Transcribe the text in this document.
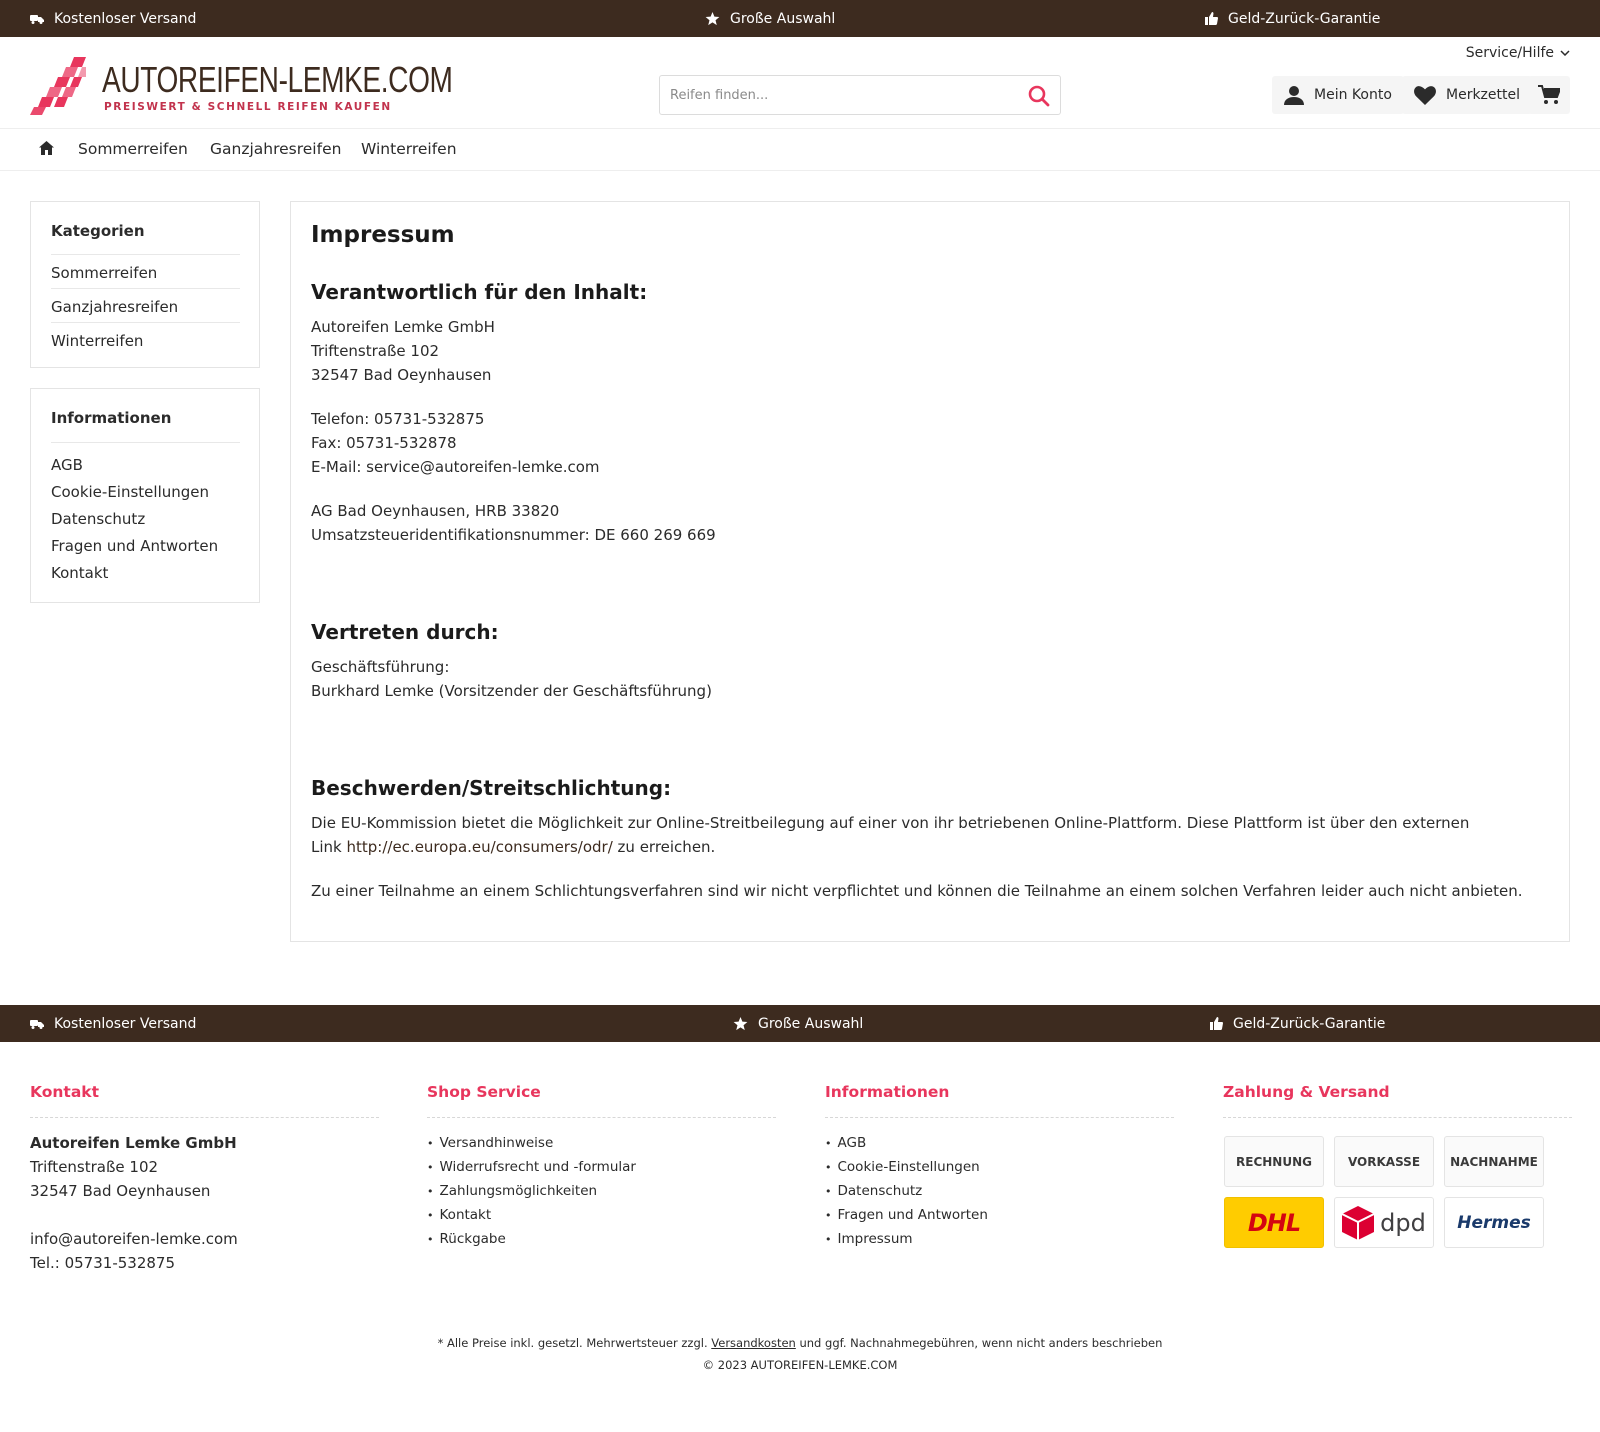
Kostenloser Versand	Große Auswahl	Geld-Zurück-Garantie
Service/Hilfe
AUTOREIFEN-LEMKE.COM
PREISWERT & SCHNELL REIFEN KAUFEN
Reifen finden...
Mein Konto	Merkzettel
Sommerreifen Ganzjahresreifen Winterreifen
Kategorien
Sommerreifen
Ganzjahresreifen
Winterreifen
Informationen
AGB
Cookie-Einstellungen
Datenschutz
Fragen und Antworten
Kontakt
Impressum
Verantwortlich für den Inhalt:
Autoreifen Lemke GmbH
Triftenstraße 102
32547 Bad Oeynhausen
Telefon: 05731-532875
Fax: 05731-532878
E-Mail: service@autoreifen-lemke.com
AG Bad Oeynhausen, HRB 33820
Umsatzsteueridentifikationsnummer: DE 660 269 669
Vertreten durch:
Geschäftsführung:
Burkhard Lemke (Vorsitzender der Geschäftsführung)
Beschwerden/Streitschlichtung:
Die EU-Kommission bietet die Möglichkeit zur Online-Streitbeilegung auf einer von ihr betriebenen Online-Plattform. Diese Plattform ist über den externen
Link http://ec.europa.eu/consumers/odr/ zu erreichen.
Zu einer Teilnahme an einem Schlichtungsverfahren sind wir nicht verpflichtet und können die Teilnahme an einem solchen Verfahren leider auch nicht anbieten.
Kostenloser Versand	Große Auswahl	Geld-Zurück-Garantie
Kontakt
Autoreifen Lemke GmbH
Triftenstraße 102
32547 Bad Oeynhausen
info@autoreifen-lemke.com
Tel.: 05731-532875
Shop Service
• Versandhinweise
• Widerrufsrecht und -formular
• Zahlungsmöglichkeiten
• Kontakt
• Rückgabe
Informationen
• AGB
• Cookie-Einstellungen
• Datenschutz
• Fragen und Antworten
• Impressum
Zahlung & Versand
RECHNUNG	VORKASSE	NACHNAHME
DHL	dpd Hermes
* Alle Preise inkl. gesetzl. Mehrwertsteuer zzgl. Versandkosten und ggf. Nachnahmegebühren, wenn nicht anders beschrieben
© 2023 AUTOREIFEN-LEMKE.COM
